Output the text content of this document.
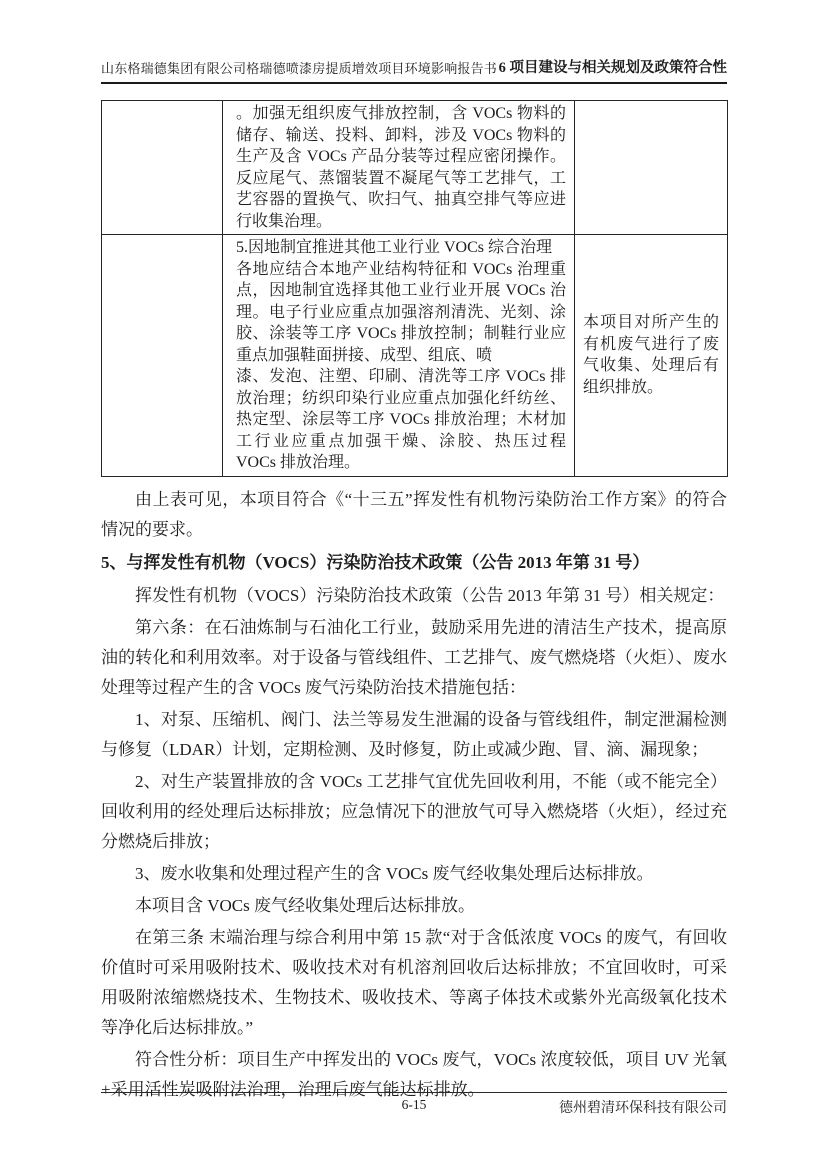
山东格瑞德集团有限公司格瑞德喷漆房提质增效项目环境影响报告书 6 项目建设与相关规划及政策符合性

	。加强无组织废气排放控制，含 VOCs 物料的储存、输送、投料、卸料，涉及 VOCs 物料的生产及含 VOCs 产品分装等过程应密闭操作。反应尾气、蒸馏装置不凝尾气等工艺排气，工艺容器的置换气、吹扫气、抽真空排气等应进行收集治理。	

	5.因地制宜推进其他工业行业 VOCs 综合治理

各地应结合本地产业结构特征和 VOCs 治理重点，因地制宜选择其他工业行业开展 VOCs 治理。电子行业应重点加强溶剂清洗、光刻、涂胶、涂装等工序 VOCs 排放控制；制鞋行业应重点加强鞋面拼接、成型、组底、喷

漆、发泡、注塑、印刷、清洗等工序 VOCs 排放治理；纺织印染行业应重点加强化纤纺丝、热定型、涂层等工序 VOCs 排放治理；木材加工行业应重点加强干燥、涂胶、热压过程 VOCs 排放治理。	本项目对所产生的有机废气进行了废气收集、处理后有组织排放。

由上表可见，本项目符合《“十三五”挥发性有机物污染防治工作方案》的符合情况的要求。

5、与挥发性有机物（VOCS）污染防治技术政策（公告 2013 年第 31 号）

挥发性有机物（VOCS）污染防治技术政策（公告 2013 年第 31 号）相关规定：

第六条：在石油炼制与石油化工行业，鼓励采用先进的清洁生产技术，提高原油的转化和利用效率。对于设备与管线组件、工艺排气、废气燃烧塔（火炬）、废水处理等过程产生的含 VOCs 废气污染防治技术措施包括：

1、对泵、压缩机、阀门、法兰等易发生泄漏的设备与管线组件，制定泄漏检测与修复（LDAR）计划，定期检测、及时修复，防止或减少跑、冒、滴、漏现象；

2、对生产装置排放的含 VOCs 工艺排气宜优先回收利用，不能（或不能完全）回收利用的经处理后达标排放；应急情况下的泄放气可导入燃烧塔（火炬），经过充分燃烧后排放；

3、废水收集和处理过程产生的含 VOCs 废气经收集处理后达标排放。

本项目含 VOCs 废气经收集处理后达标排放。

在第三条 末端治理与综合利用中第 15 款“对于含低浓度 VOCs 的废气，有回收价值时可采用吸附技术、吸收技术对有机溶剂回收后达标排放；不宜回收时，可采用吸附浓缩燃烧技术、生物技术、吸收技术、等离子体技术或紫外光高级氧化技术等净化后达标排放。”

符合性分析：项目生产中挥发出的 VOCs 废气，VOCs 浓度较低，项目 UV 光氧+采用活性炭吸附法治理，治理后废气能达标排放。

6-15	德州碧清环保科技有限公司
